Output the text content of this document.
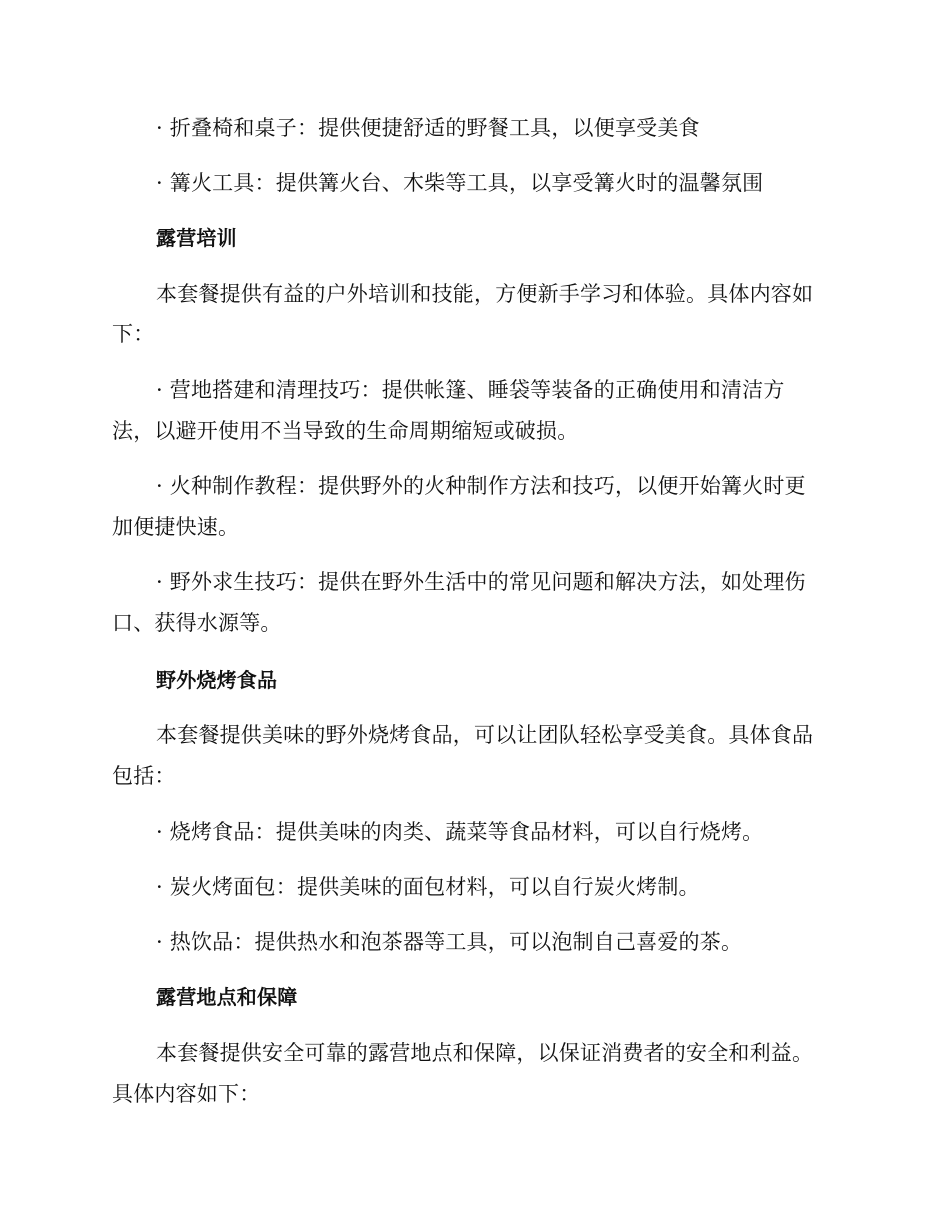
· 折叠椅和桌子：提供便捷舒适的野餐工具，以便享受美食
· 篝火工具：提供篝火台、木柴等工具，以享受篝火时的温馨氛围
露营培训
本套餐提供有益的户外培训和技能，方便新手学习和体验。具体内容如
下：
· 营地搭建和清理技巧：提供帐篷、睡袋等装备的正确使用和清洁方
法，以避开使用不当导致的生命周期缩短或破损。
· 火种制作教程：提供野外的火种制作方法和技巧，以便开始篝火时更
加便捷快速。
· 野外求生技巧：提供在野外生活中的常见问题和解决方法，如处理伤
口、获得水源等。
野外烧烤食品
本套餐提供美味的野外烧烤食品，可以让团队轻松享受美食。具体食品
包括：
· 烧烤食品：提供美味的肉类、蔬菜等食品材料，可以自行烧烤。
· 炭火烤面包：提供美味的面包材料，可以自行炭火烤制。
· 热饮品：提供热水和泡茶器等工具，可以泡制自己喜爱的茶。
露营地点和保障
本套餐提供安全可靠的露营地点和保障，以保证消费者的安全和利益。
具体内容如下：
